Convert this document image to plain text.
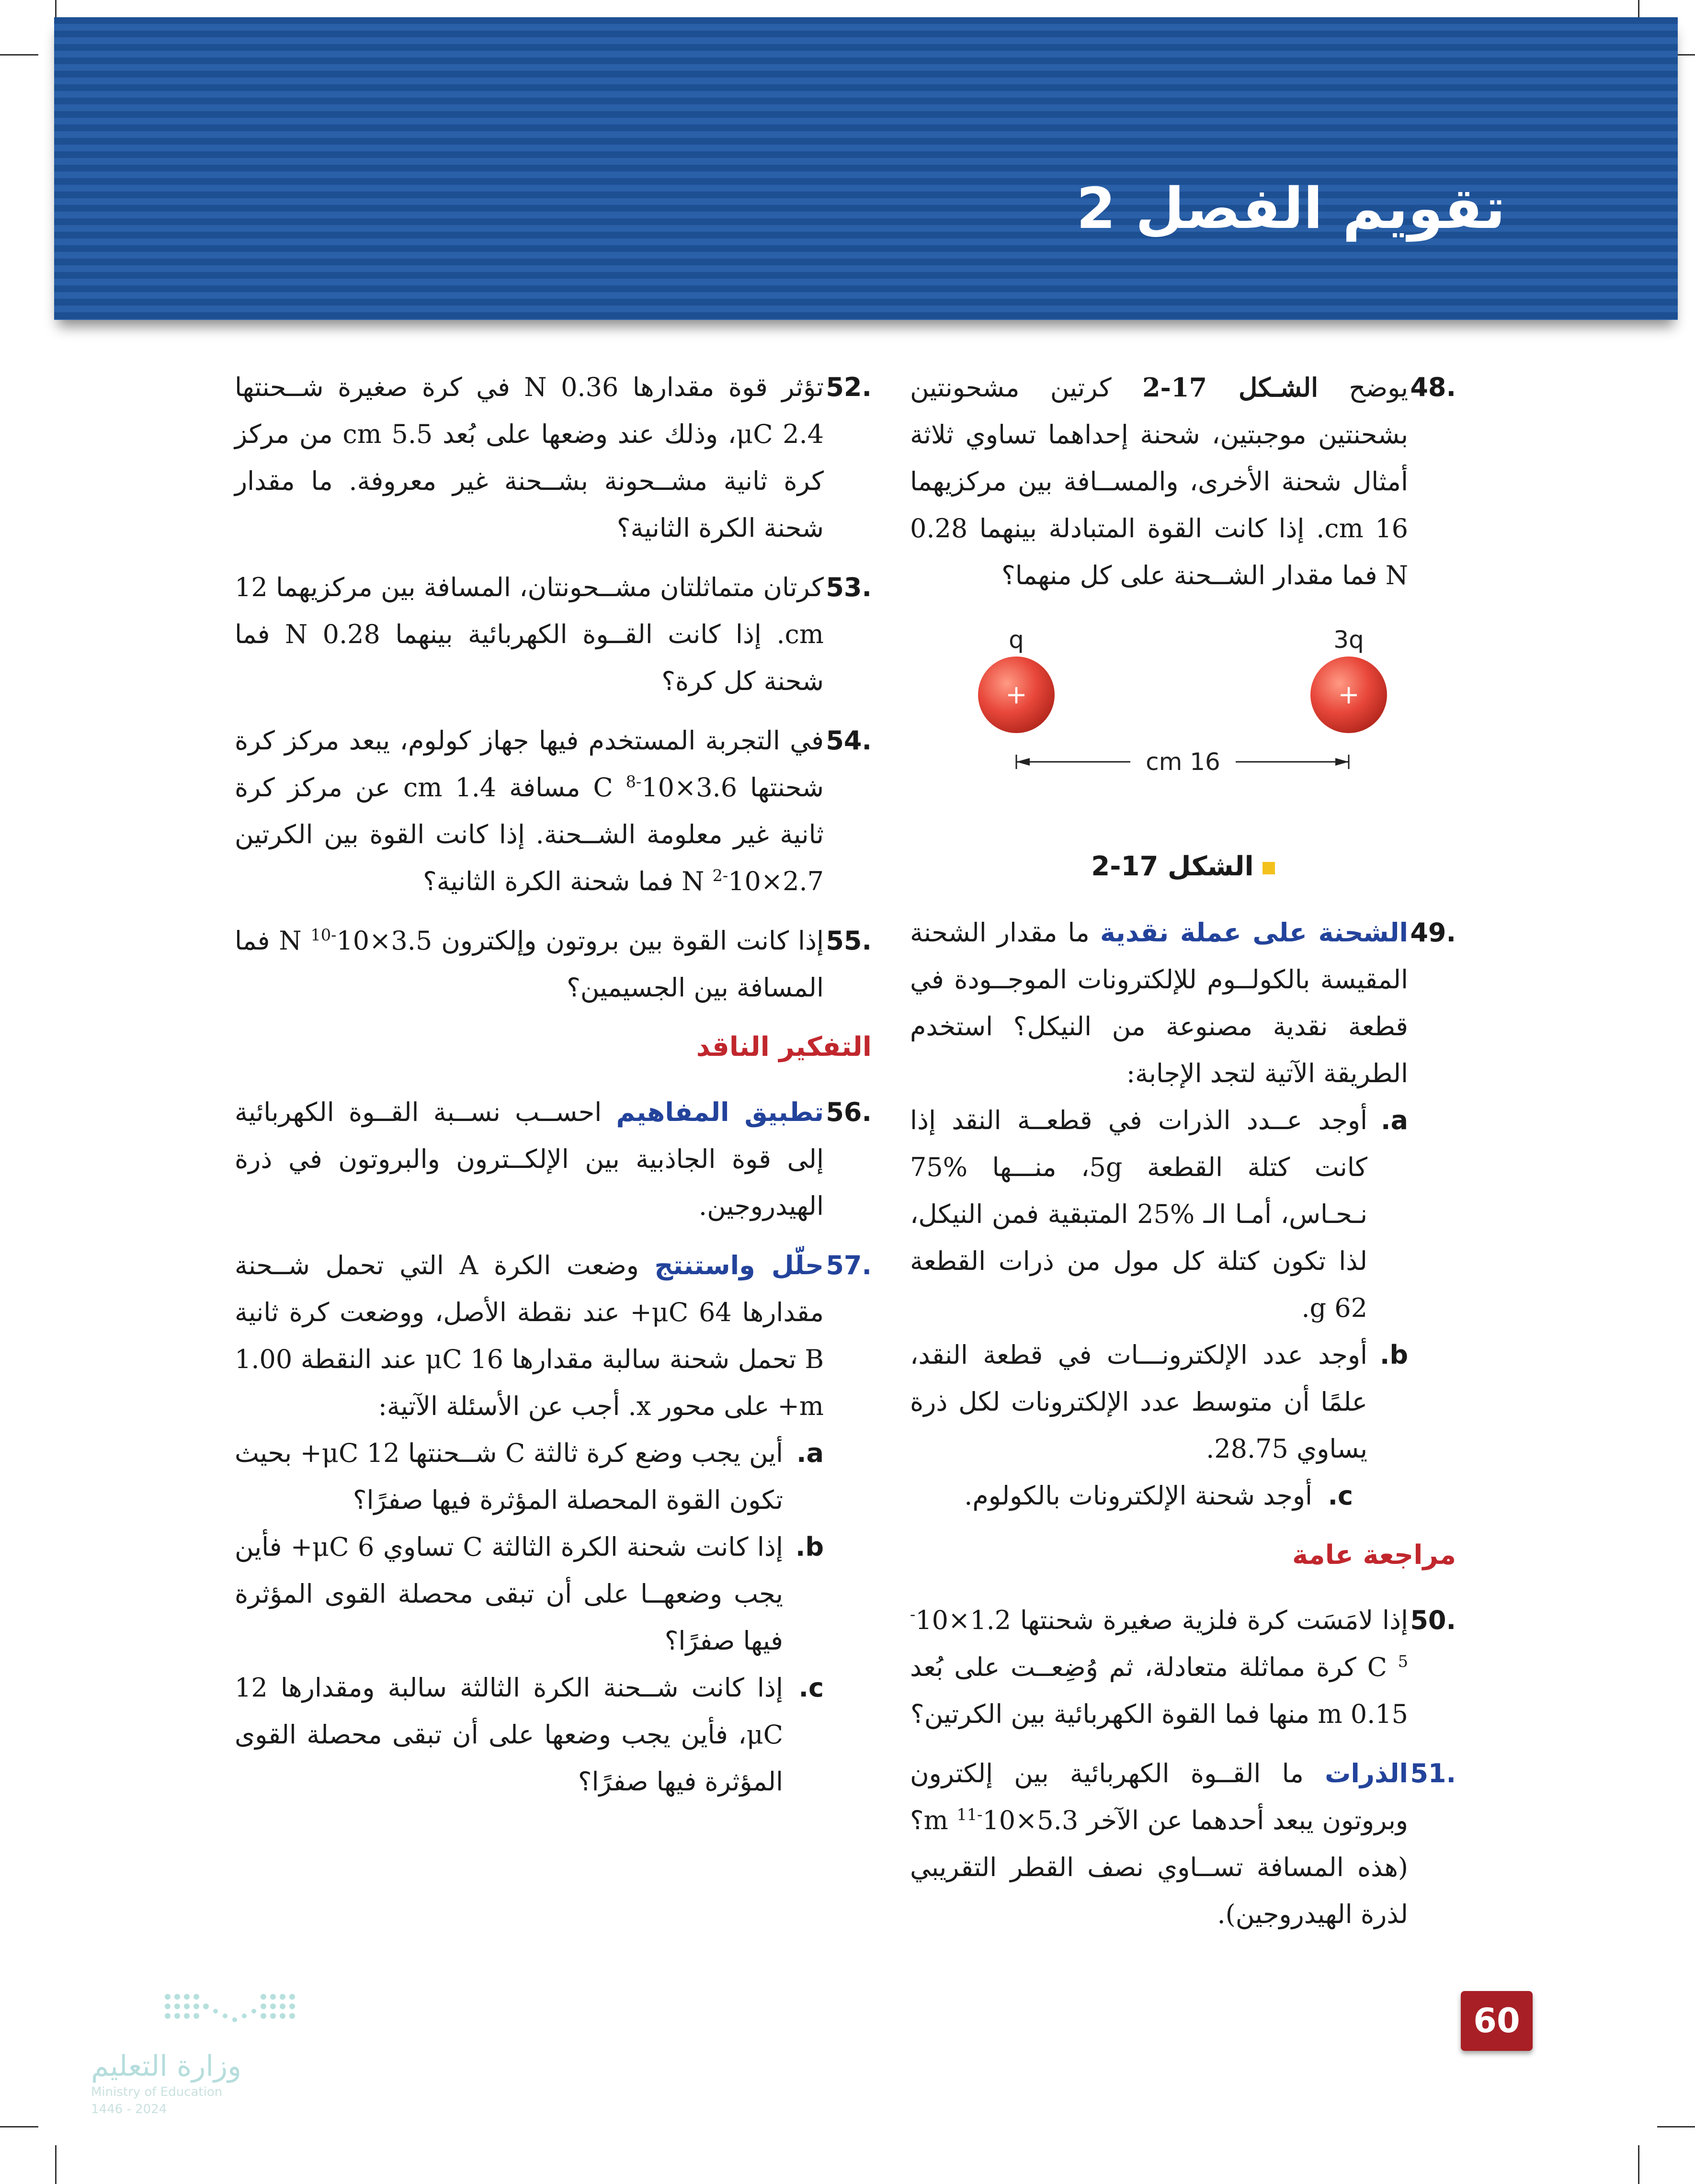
تقويم الفصل 2
.48
يوضح الشـكل 17-2 كرتين مشحونتين بشحنتين موجبتين، شحنة إحداهما تساوي ثلاثة أمثال شحنة الأخرى، والمســافة بين مركزيهما 16 cm. إذا كانت القوة المتبادلة بينهما 0.28 N فما مقدار الشــحنة على كل منهما؟
q	3q
+	+
16 cm
الشكل 17-2
.49
الشحنة على عملة نقدية ما مقدار الشحنة المقيسة بالكولــوم للإلكترونات الموجــودة في قطعة نقدية مصنوعة من النيكل؟ استخدم الطريقة الآتية لتجد الإجابة:
a.
أوجد عــدد الذرات في قطعــة النقد إذا كانت كتلة القطعة 5g، منـــها %75 نـحـاس، أمـا الـ %25 المتبقية فمن النيكل، لذا تكون كتلة كل مول من ذرات القطعة 62 g.
b.
أوجد عدد الإلكترونـــات في قطعة النقد، علمًا أن متوسط عدد الإلكترونات لكل ذرة يساوي 28.75.
c.
أوجد شحنة الإلكترونات بالكولوم.
مراجعة عامة
.50
إذا لامَسَت كرة فلزية صغيرة شحنتها $1.2\times 10^{-5}$ C كرة مماثلة متعادلة، ثم وُضِعــت على بُعد 0.15 m منها فما القوة الكهربائية بين الكرتين؟
.51
الذرات ما القــوة الكهربائية بين إلكترون وبروتون يبعد أحدهما عن الآخر $5.3\times 10^{-11}$ m؟ (هذه المسافة تســاوي نصف القطر التقريبي لذرة الهيدروجين).
.52
تؤثر قوة مقدارها 0.36 N في كرة صغيرة شــحنتها 2.4 μC، وذلك عند وضعها على بُعد 5.5 cm من مركز كرة ثانية مشــحونة بشــحنة غير معروفة. ما مقدار شحنة الكرة الثانية؟
.53
كرتان متماثلتان مشــحونتان، المسافة بين مركزيهما 12 cm. إذا كانت القــوة الكهربائية بينهما 0.28 N فما شحنة كل كرة؟
.54
في التجربة المستخدم فيها جهاز كولوم، يبعد مركز كرة شحنتها $3.6\times 10^{-8}$ C مسافة 1.4 cm عن مركز كرة ثانية غير معلومة الشــحنة. إذا كانت القوة بين الكرتين $2.7\times 10^{-2}$ N فما شحنة الكرة الثانية؟
.55
إذا كانت القوة بين بروتون وإلكترون $3.5\times 10^{-10}$ N فما المسافة بين الجسيمين؟
التفكير الناقد
.56
تطبيق المفاهيم احســب نســبة القــوة الكهربائية إلى قوة الجاذبية بين الإلكــترون والبروتون في ذرة الهيدروجين.
.57
حلّل واستنتج وضعت الكرة A التي تحمل شــحنة مقدارها 64 μC+ عند نقطة الأصل، ووضعت كرة ثانية B تحمل شحنة سالبة مقدارها 16 μC عند النقطة 1.00 m+ على محور x. أجب عن الأسئلة الآتية:
a.
أين يجب وضع كرة ثالثة C شــحنتها 12 μC+ بحيث تكون القوة المحصلة المؤثرة فيها صفرًا؟
b.
إذا كانت شحنة الكرة الثالثة C تساوي 6 μC+ فأين يجب وضعهــا على أن تبقى محصلة القوى المؤثرة فيها صفرًا؟
c.
إذا كانت شــحنة الكرة الثالثة سالبة ومقدارها 12 μC، فأين يجب وضعها على أن تبقى محصلة القوى المؤثرة فيها صفرًا؟
60
وزارة التعليم
Ministry of Education
2024 - 1446
